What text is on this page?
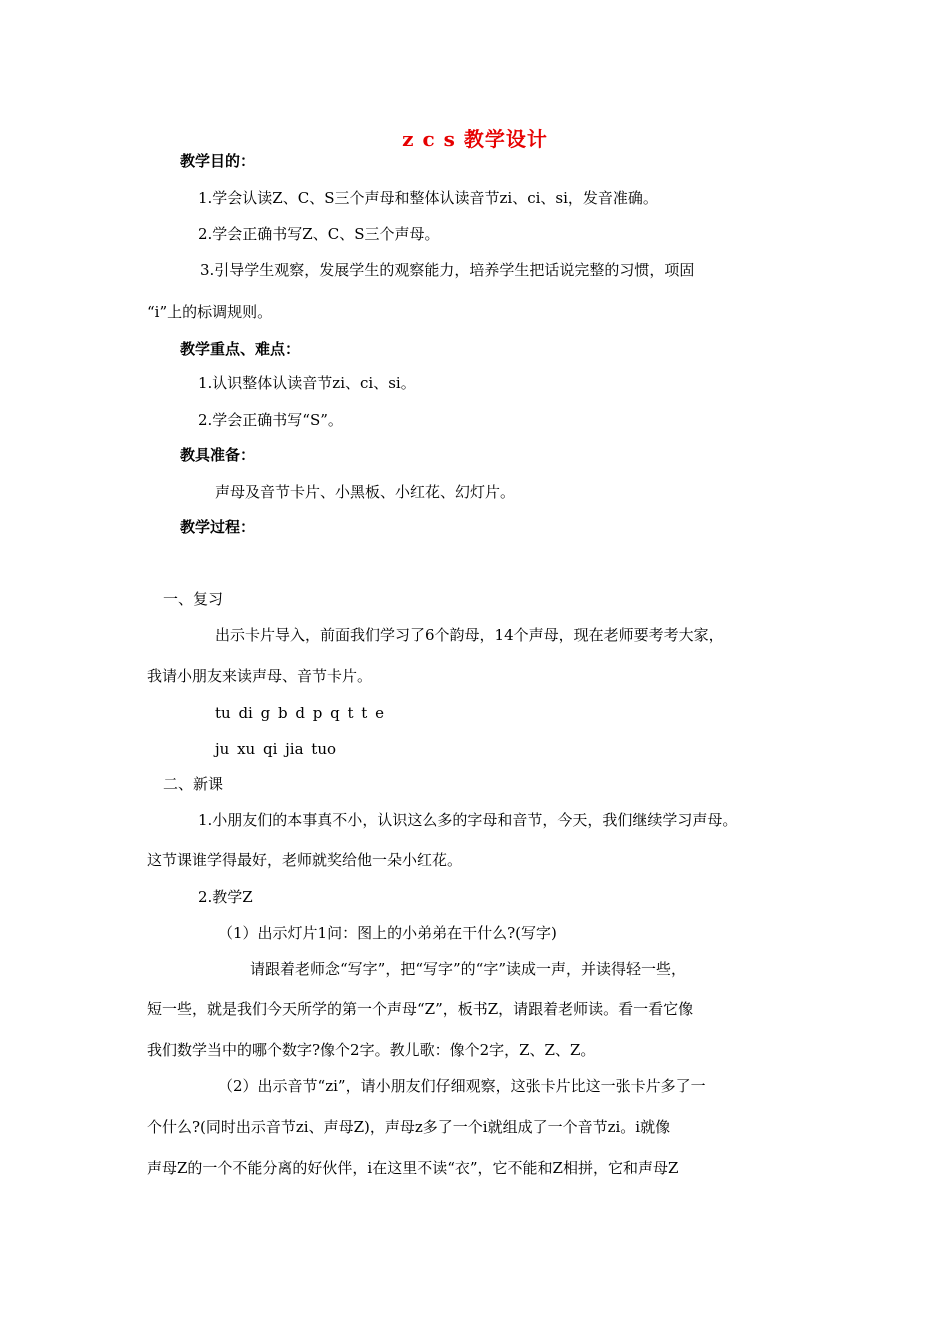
z c s 教学设计
教学目的：
1.学会认读Z、C、S三个声母和整体认读音节zi、ci、si，发音准确。
2.学会正确书写Z、C、S三个声母。
3.引导学生观察，发展学生的观察能力，培养学生把话说完整的习惯，项固
“i”上的标调规则。
教学重点、难点：
1.认识整体认读音节zi、ci、si。
2.学会正确书写“S”。
教具准备：
声母及音节卡片、小黑板、小红花、幻灯片。
教学过程：
一、复习
出示卡片导入，前面我们学习了6个韵母，14个声母，现在老师要考考大家，
我请小朋友来读声母、音节卡片。
tu di g b d p q t t e
ju xu qi jia tuo
二、新课
1.小朋友们的本事真不小，认识这么多的字母和音节，今天，我们继续学习声母。
这节课谁学得最好，老师就奖给他一朵小红花。
2.教学Z
（1）出示灯片1问：图上的小弟弟在干什么?(写字)
请跟着老师念“写字”，把“写字”的“字”读成一声，并读得轻一些，
短一些，就是我们今天所学的第一个声母“Z”，板书Z，请跟着老师读。看一看它像
我们数学当中的哪个数字?像个2字。教儿歌：像个2字，Z、Z、Z。
（2）出示音节“zi”，请小朋友们仔细观察，这张卡片比这一张卡片多了一
个什么?(同时出示音节zi、声母Z)，声母z多了一个i就组成了一个音节zi。i就像
声母Z的一个不能分离的好伙伴，i在这里不读“衣”，它不能和Z相拼，它和声母Z
